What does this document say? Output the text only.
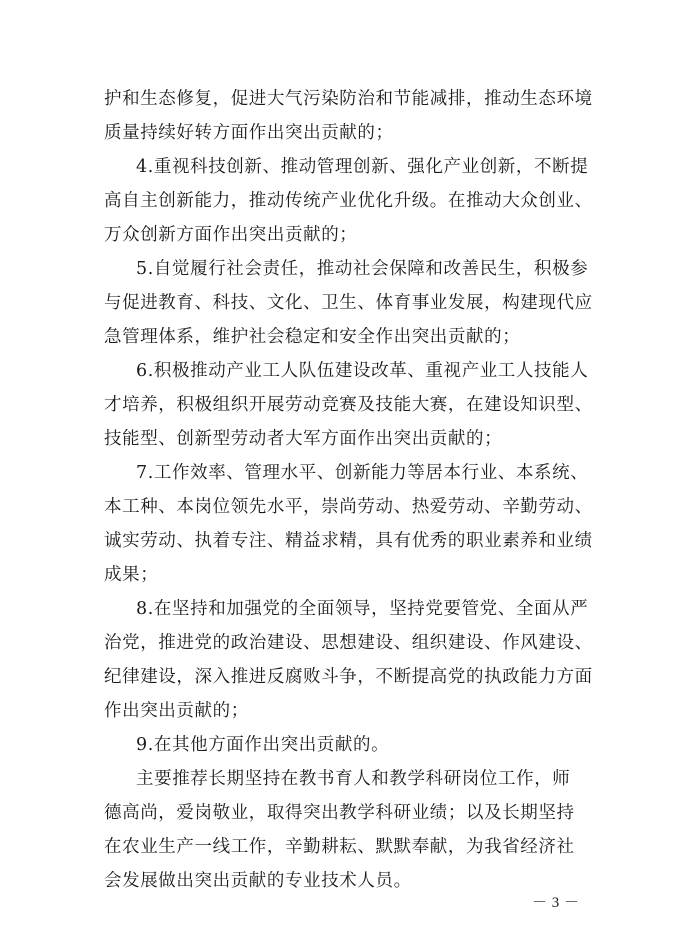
护和生态修复，促进大气污染防治和节能减排，推动生态环境
质量持续好转方面作出突出贡献的；
4.重视科技创新、推动管理创新、强化产业创新，不断提
高自主创新能力，推动传统产业优化升级。在推动大众创业、
万众创新方面作出突出贡献的；
5.自觉履行社会责任，推动社会保障和改善民生，积极参
与促进教育、科技、文化、卫生、体育事业发展，构建现代应
急管理体系，维护社会稳定和安全作出突出贡献的；
6.积极推动产业工人队伍建设改革、重视产业工人技能人
才培养，积极组织开展劳动竞赛及技能大赛，在建设知识型、
技能型、创新型劳动者大军方面作出突出贡献的；
7.工作效率、管理水平、创新能力等居本行业、本系统、
本工种、本岗位领先水平，崇尚劳动、热爱劳动、辛勤劳动、
诚实劳动、执着专注、精益求精，具有优秀的职业素养和业绩
成果；
8.在坚持和加强党的全面领导，坚持党要管党、全面从严
治党，推进党的政治建设、思想建设、组织建设、作风建设、
纪律建设，深入推进反腐败斗争，不断提高党的执政能力方面
作出突出贡献的；
9.在其他方面作出突出贡献的。
主要推荐长期坚持在教书育人和教学科研岗位工作，师
德高尚，爱岗敬业，取得突出教学科研业绩；以及长期坚持
在农业生产一线工作，辛勤耕耘、默默奉献，为我省经济社
会发展做出突出贡献的专业技术人员。
－ 3 －
